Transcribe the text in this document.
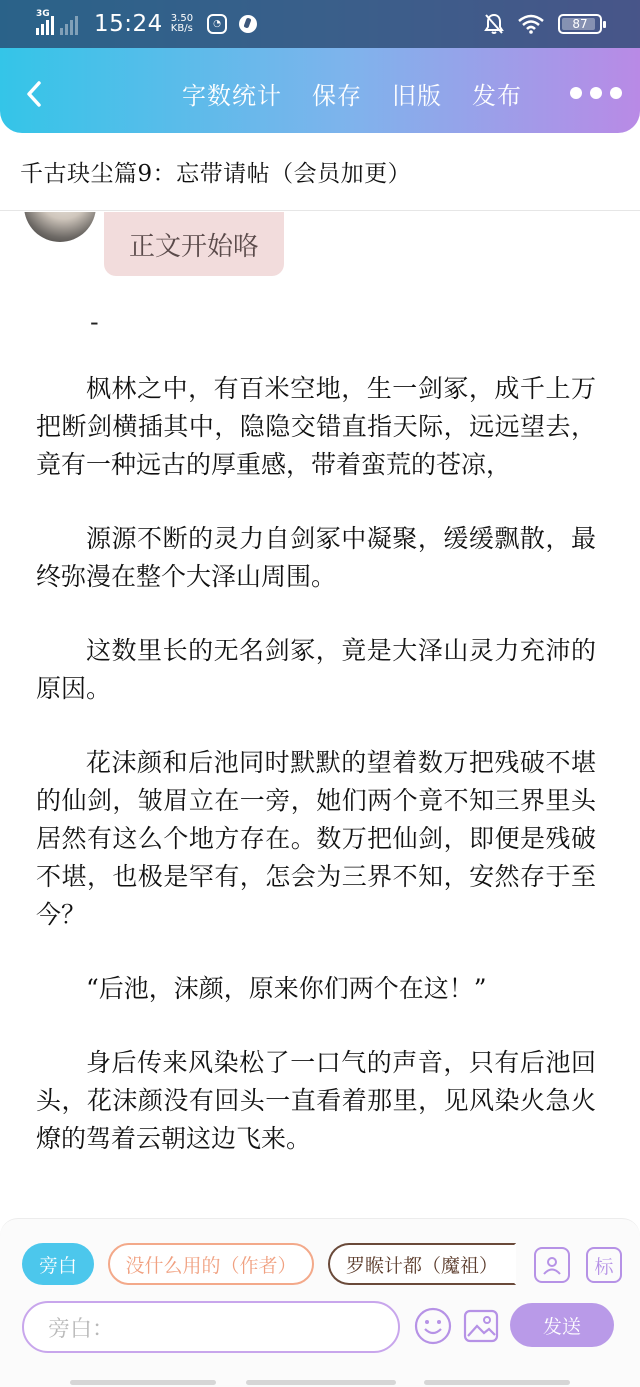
3G 15:24 3.50
KB/s	◔	87
字数统计 保存 旧版 发布
千古玦尘篇9：忘带请帖（会员加更）
正文开始咯
-

枫林之中，有百米空地，生一剑冢，成千上万把断剑横插其中，隐隐交错直指天际，远远望去，竟有一种远古的厚重感，带着蛮荒的苍凉，

源源不断的灵力自剑冢中凝聚，缓缓飘散，最终弥漫在整个大泽山周围。

这数里长的无名剑冢，竟是大泽山灵力充沛的原因。

花沫颜和后池同时默默的望着数万把残破不堪的仙剑，皱眉立在一旁，她们两个竟不知三界里头居然有这么个地方存在。数万把仙剑，即便是残破不堪，也极是罕有，怎会为三界不知，安然存于至今？

“后池，沫颜，原来你们两个在这！”

身后传来风染松了一口气的声音，只有后池回头，花沫颜没有回头一直看着那里，见风染火急火燎的驾着云朝这边飞来。

旁白	没什么用的（作者）	罗睺计都（魔祖）	标
旁白：	发送
